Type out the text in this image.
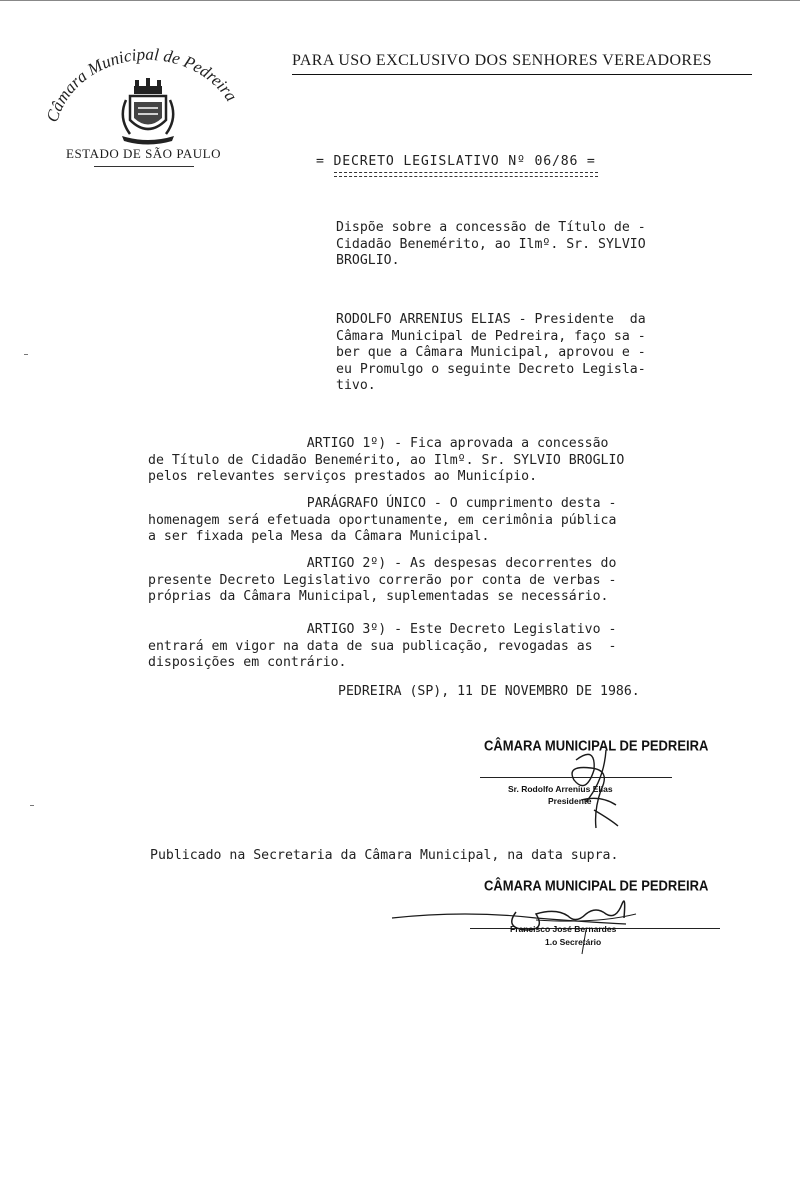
Câmara Municipal de Pedreira
ESTADO DE SÃO PAULO
PARA USO EXCLUSIVO DOS SENHORES VEREADORES
= DECRETO LEGISLATIVO Nº 06/86 =
Dispõe sobre a concessão de Título de -
Cidadão Benemérito, ao Ilmº. Sr. SYLVIO
BROGLIO.
RODOLFO ARRENIUS ELIAS - Presidente  da
Câmara Municipal de Pedreira, faço sa -
ber que a Câmara Municipal, aprovou e -
eu Promulgo o seguinte Decreto Legisla-
tivo.
ARTIGO 1º) - Fica aprovada a concessão
de Título de Cidadão Benemérito, ao Ilmº. Sr. SYLVIO BROGLIO
pelos relevantes serviços prestados ao Município.
PARÁGRAFO ÚNICO - O cumprimento desta -
homenagem será efetuada oportunamente, em cerimônia pública
a ser fixada pela Mesa da Câmara Municipal.
ARTIGO 2º) - As despesas decorrentes do
presente Decreto Legislativo correrão por conta de verbas -
próprias da Câmara Municipal, suplementadas se necessário.
ARTIGO 3º) - Este Decreto Legislativo -
entrará em vigor na data de sua publicação, revogadas as  -
disposições em contrário.
PEDREIRA (SP), 11 DE NOVEMBRO DE 1986.
CÂMARA MUNICIPAL DE PEDREIRA
Sr. Rodolfo Arrenius Elias
Presidente
Publicado na Secretaria da Câmara Municipal, na data supra.
CÂMARA MUNICIPAL DE PEDREIRA
Francisco José Bernardes
1.o Secretário
